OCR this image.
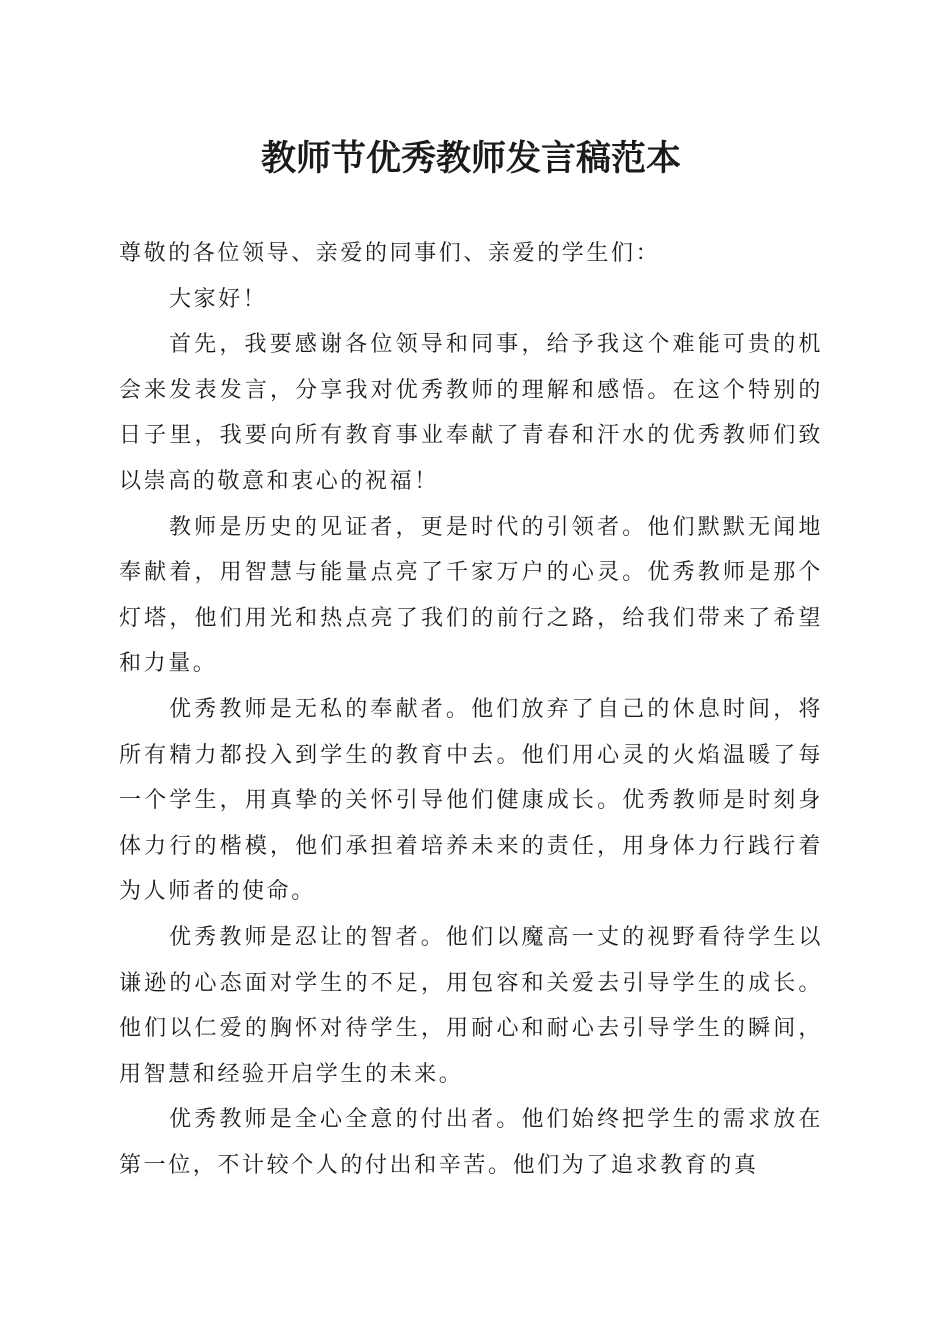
教师节优秀教师发言稿范本

尊敬的各位领导、亲爱的同事们、亲爱的学生们：

大家好！

首先，我要感谢各位领导和同事，给予我这个难能可贵的机会来发表发言，分享我对优秀教师的理解和感悟。在这个特别的日子里，我要向所有教育事业奉献了青春和汗水的优秀教师们致以崇高的敬意和衷心的祝福！

教师是历史的见证者，更是时代的引领者。他们默默无闻地奉献着，用智慧与能量点亮了千家万户的心灵。优秀教师是那个灯塔，他们用光和热点亮了我们的前行之路，给我们带来了希望和力量。

优秀教师是无私的奉献者。他们放弃了自己的休息时间，将所有精力都投入到学生的教育中去。他们用心灵的火焰温暖了每一个学生，用真挚的关怀引导他们健康成长。优秀教师是时刻身体力行的楷模，他们承担着培养未来的责任，用身体力行践行着为人师者的使命。

优秀教师是忍让的智者。他们以魔高一丈的视野看待学生以谦逊的心态面对学生的不足，用包容和关爱去引导学生的成长。他们以仁爱的胸怀对待学生，用耐心和耐心去引导学生的瞬间，用智慧和经验开启学生的未来。

优秀教师是全心全意的付出者。他们始终把学生的需求放在第一位，不计较个人的付出和辛苦。他们为了追求教育的真
